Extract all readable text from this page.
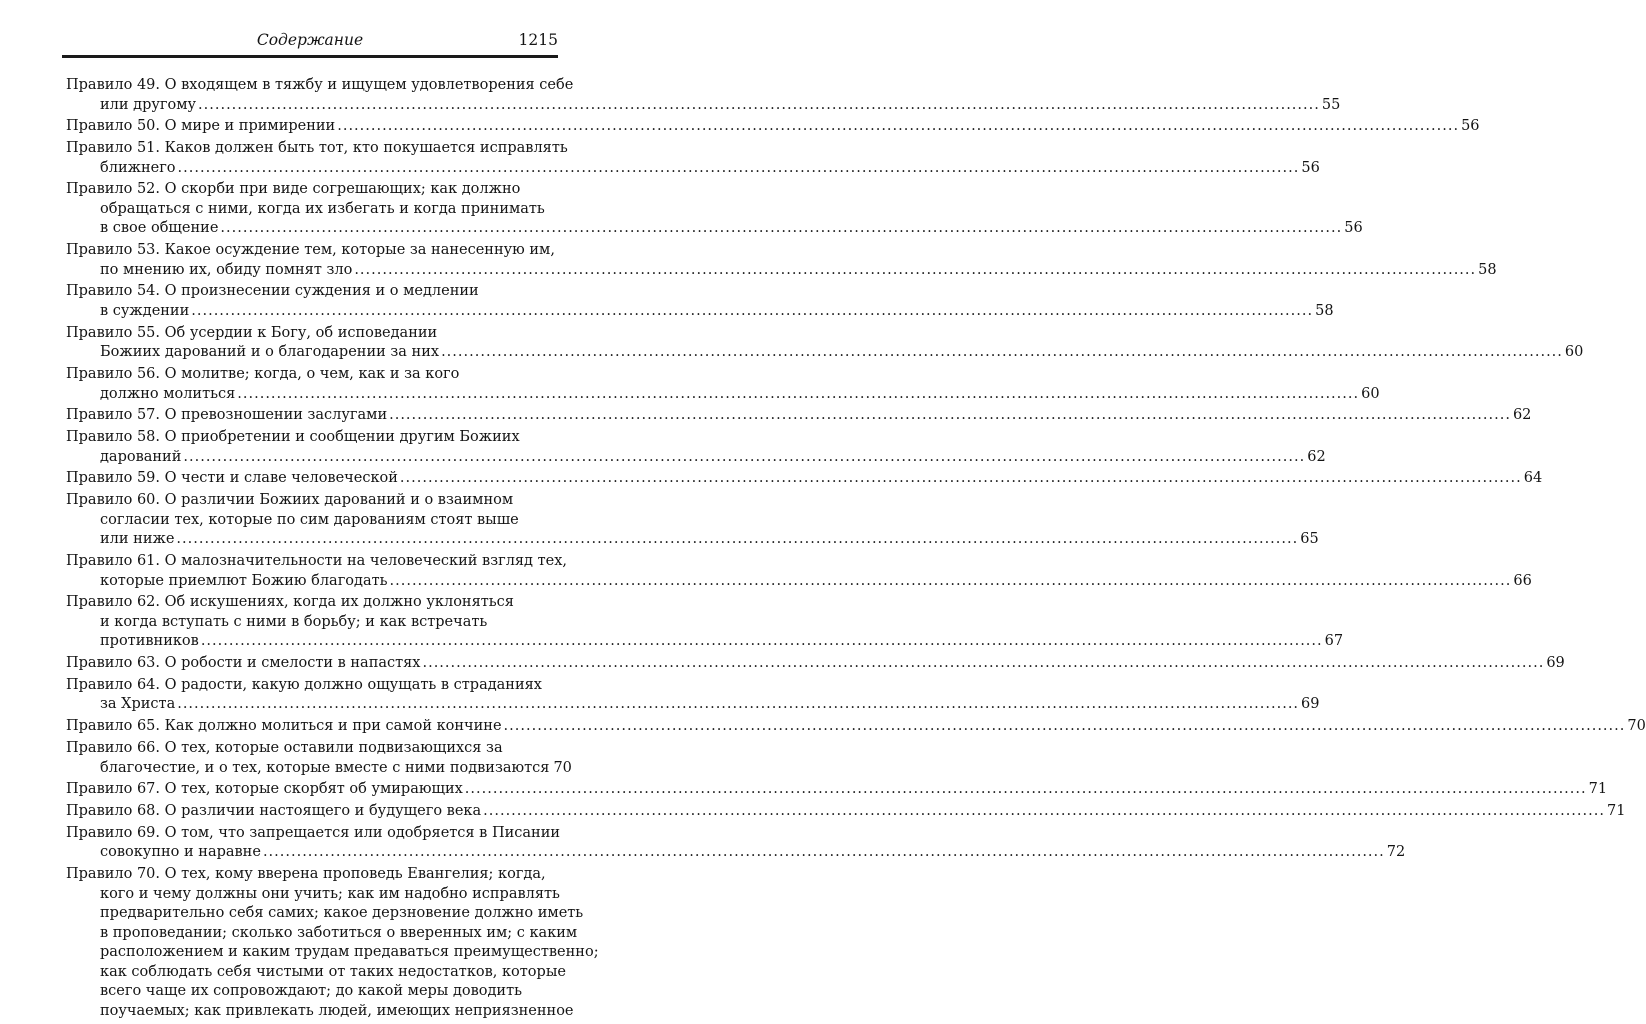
Содержание	1215
Правило 49. О входящем в тяжбу и ищущем удовлетворения себе
или другому ........................................................................................................................................................................................................ 55
Правило 50. О мире и примирении ........................................................................................................................................................................................................ 56
Правило 51. Каков должен быть тот, кто покушается исправлять
ближнего ........................................................................................................................................................................................................ 56
Правило 52. О скорби при виде согрешающих; как должно
обращаться с ними, когда их избегать и когда принимать
в свое общение ........................................................................................................................................................................................................ 56
Правило 53. Какое осуждение тем, которые за нанесенную им,
по мнению их, обиду помнят зло ........................................................................................................................................................................................................ 58
Правило 54. О произнесении суждения и о медлении
в суждении ........................................................................................................................................................................................................ 58
Правило 55. Об усердии к Богу, об исповедании
Божиих дарований и о благодарении за них ........................................................................................................................................................................................................ 60
Правило 56. О молитве; когда, о чем, как и за кого
должно молиться ........................................................................................................................................................................................................ 60
Правило 57. О превозношении заслугами ........................................................................................................................................................................................................ 62
Правило 58. О приобретении и сообщении другим Божиих
дарований ........................................................................................................................................................................................................ 62
Правило 59. О чести и славе человеческой ........................................................................................................................................................................................................ 64
Правило 60. О различии Божиих дарований и о взаимном
согласии тех, которые по сим дарованиям стоят выше
или ниже ........................................................................................................................................................................................................ 65
Правило 61. О малозначительности на человеческий взгляд тех,
которые приемлют Божию благодать ........................................................................................................................................................................................................ 66
Правило 62. Об искушениях, когда их должно уклоняться
и когда вступать с ними в борьбу; и как встречать
противников ........................................................................................................................................................................................................ 67
Правило 63. О робости и смелости в напастях ........................................................................................................................................................................................................ 69
Правило 64. О радости, какую должно ощущать в страданиях
за Христа ........................................................................................................................................................................................................ 69
Правило 65. Как должно молиться и при самой кончине ........................................................................................................................................................................................................ 70
Правило 66. О тех, которые оставили подвизающихся за
благочестие, и о тех, которые вместе с ними подвизаются 70
Правило 67. О тех, которые скорбят об умирающих ........................................................................................................................................................................................................ 71
Правило 68. О различии настоящего и будущего века ........................................................................................................................................................................................................ 71
Правило 69. О том, что запрещается или одобряется в Писании
совокупно и наравне ........................................................................................................................................................................................................ 72
Правило 70. О тех, кому вверена проповедь Евангелия; когда,
кого и чему должны они учить; как им надобно исправлять
предварительно себя самих; какое дерзновение должно иметь
в проповедании; сколько заботиться о вверенных им; с каким
расположением и каким трудам предаваться преимущественно;
как соблюдать себя чистыми от таких недостатков, которые
всего чаще их сопровождают; до какой меры доводить
поучаемых; как привлекать людей, имеющих неприязненное
